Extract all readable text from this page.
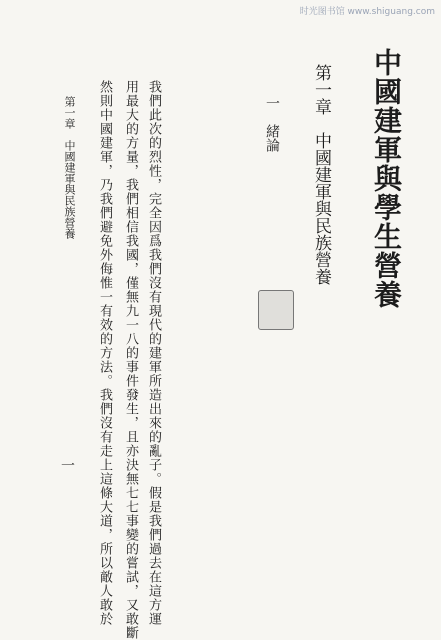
时光图书馆 www.shiguang.com
中國建軍與學生營養
第一章　中國建軍與民族營養
一　緒論
我們此次的烈性，完全因爲我們沒有現代的建軍所造出來的亂子。假是我們過去在這方運
用最大的方量，我們相信我國，僅無九一八的事件發生，且亦決無七七事變的嘗試，又敢斷
然則中國建軍，乃我們避免外侮惟一有效的方法。我們沒有走上這條大道，所以敵人敢於
第一章　中國建軍與民族營養
一
